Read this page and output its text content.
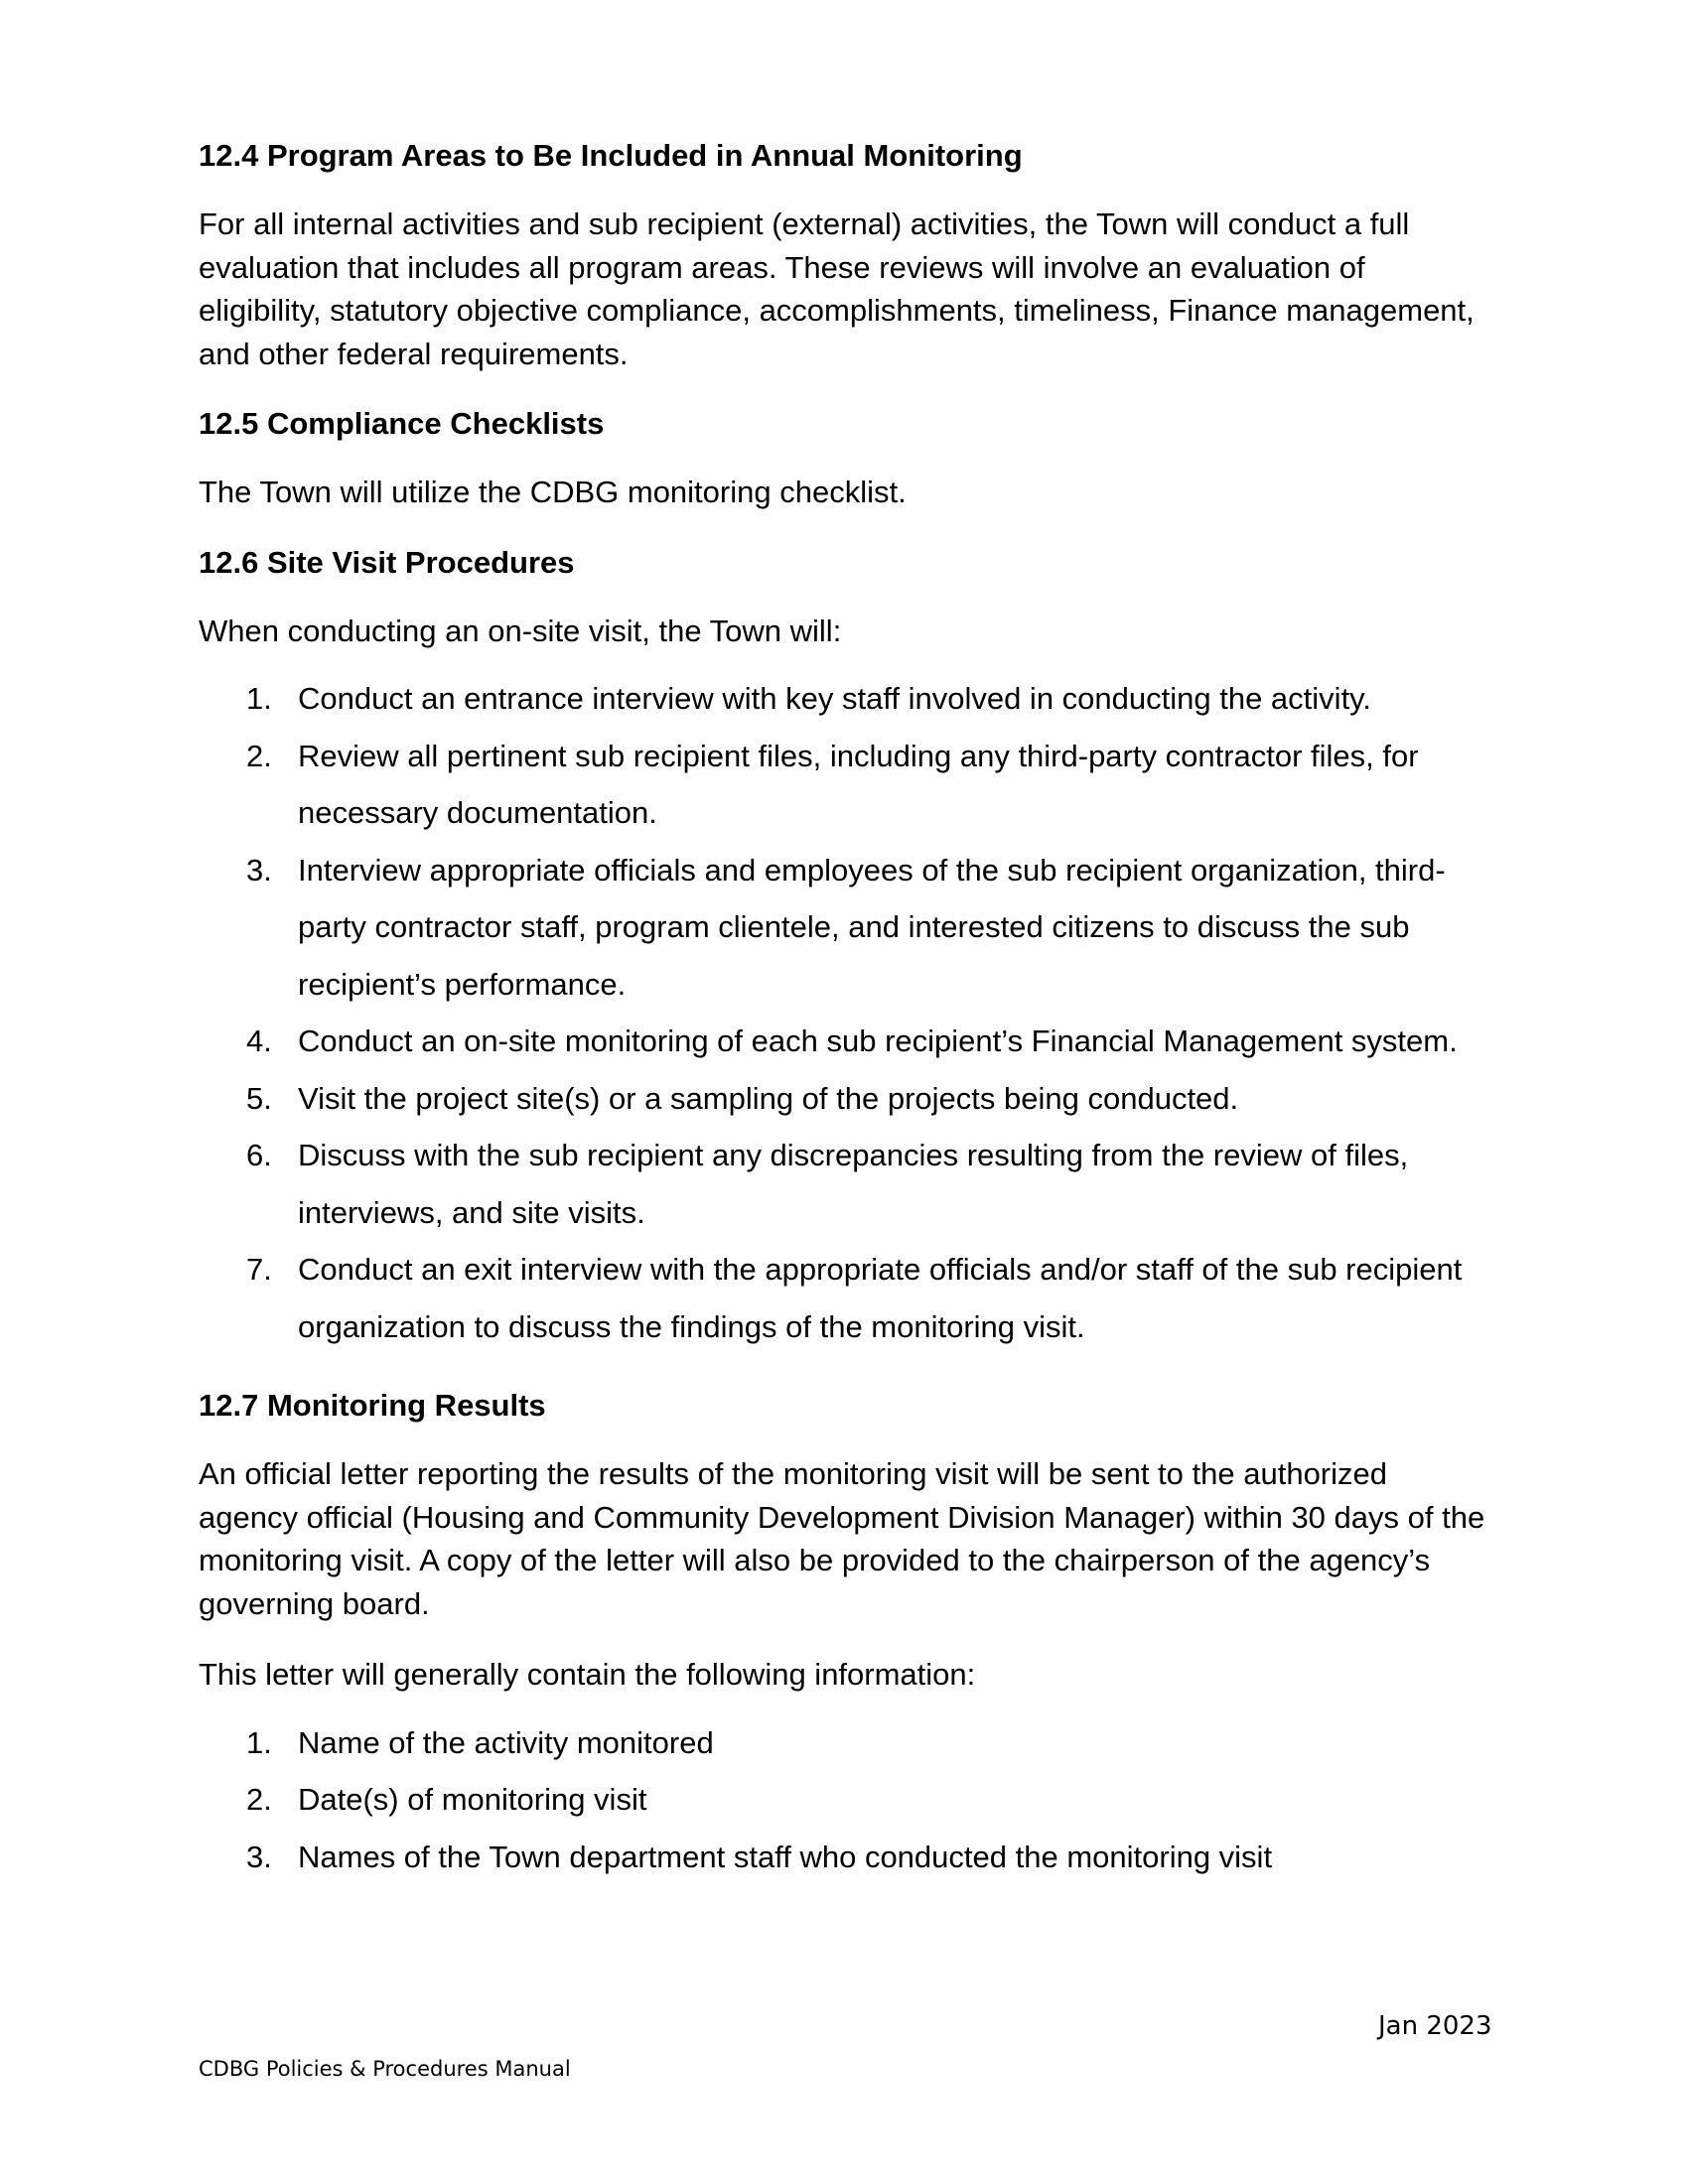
12.4 Program Areas to Be Included in Annual Monitoring

For all internal activities and sub recipient (external) activities, the Town will conduct a full evaluation that includes all program areas. These reviews will involve an evaluation of eligibility, statutory objective compliance, accomplishments, timeliness, Finance management, and other federal requirements.

12.5 Compliance Checklists

The Town will utilize the CDBG monitoring checklist.

12.6 Site Visit Procedures

When conducting an on-site visit, the Town will:

1. Conduct an entrance interview with key staff involved in conducting the activity.
2. Review all pertinent sub recipient files, including any third-party contractor files, for necessary documentation.
3. Interview appropriate officials and employees of the sub recipient organization, third-party contractor staff, program clientele, and interested citizens to discuss the sub recipient’s performance.
4. Conduct an on-site monitoring of each sub recipient’s Financial Management system.
5. Visit the project site(s) or a sampling of the projects being conducted.
6. Discuss with the sub recipient any discrepancies resulting from the review of files, interviews, and site visits.
7. Conduct an exit interview with the appropriate officials and/or staff of the sub recipient organization to discuss the findings of the monitoring visit.
12.7 Monitoring Results

An official letter reporting the results of the monitoring visit will be sent to the authorized agency official (Housing and Community Development Division Manager) within 30 days of the monitoring visit. A copy of the letter will also be provided to the chairperson of the agency’s governing board.

This letter will generally contain the following information:

1. Name of the activity monitored
2. Date(s) of monitoring visit
3. Names of the Town department staff who conducted the monitoring visit
Jan 2023
CDBG Policies & Procedures Manual
